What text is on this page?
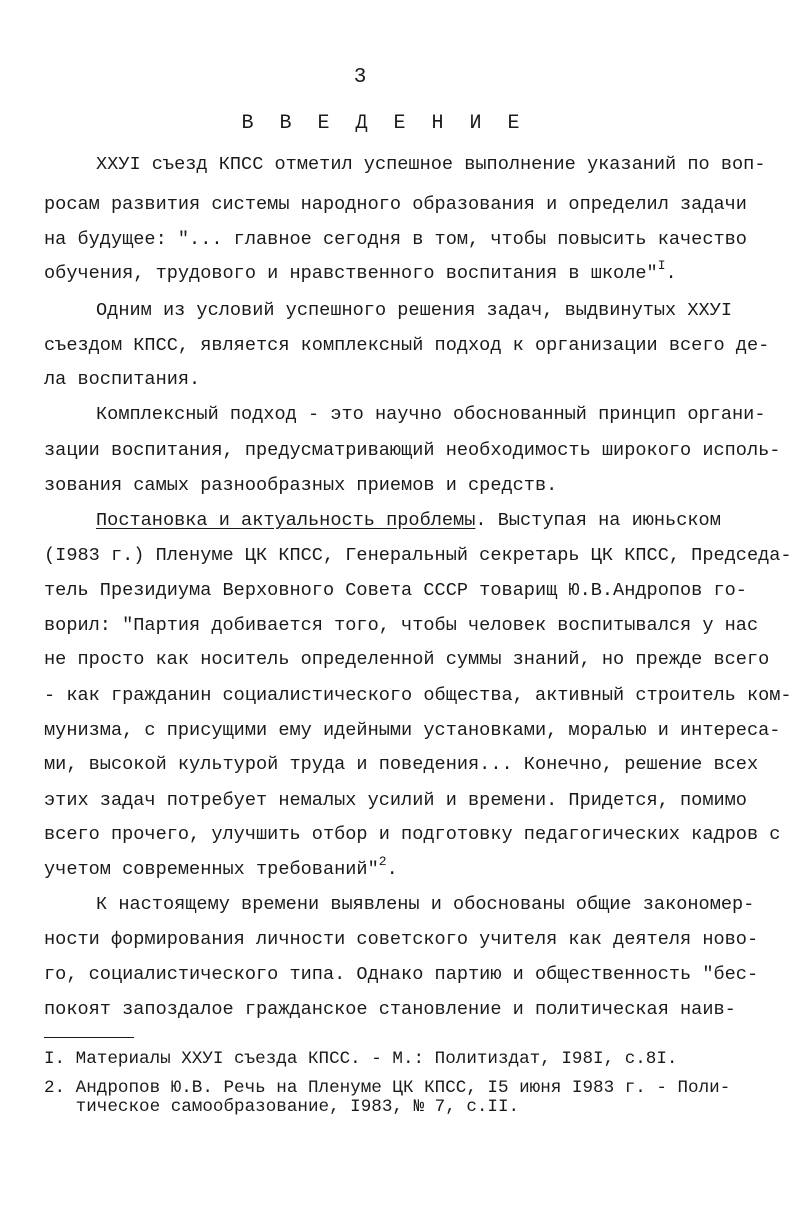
3
В В Е Д Е Н И Е
XXУI съезд КПСС отметил успешное выполнение указаний по воп-
росам развития системы народного образования и определил задачи
на будущее: "... главное сегодня в том, чтобы повысить качество
обучения, трудового и нравственного воспитания в школе"$^I$.
Одним из условий успешного решения задач, выдвинутых XXУI
съездом КПСС, является комплексный подход к организации всего де-
ла воспитания.
Комплексный подход - это научно обоснованный принцип органи-
зации воспитания, предусматривающий необходимость широкого исполь-
зования самых разнообразных приемов и средств.
Постановка и актуальность проблемы. Выступая на июньском
(I983 г.) Пленуме ЦК КПСС, Генеральный секретарь ЦК КПСС, Председа-
тель Президиума Верховного Совета СССР товарищ Ю.В.Андропов го-
ворил: "Партия добивается того, чтобы человек воспитывался у нас
не просто как носитель определенной суммы знаний, но прежде всего
- как гражданин социалистического общества, активный строитель ком-
мунизма, с присущими ему идейными установками, моралью и интереса-
ми, высокой культурой труда и поведения... Конечно, решение всех
этих задач потребует немалых усилий и времени. Придется, помимо
всего прочего, улучшить отбор и подготовку педагогических кадров с
учетом современных требований"$^2$.
К настоящему времени выявлены и обоснованы общие закономер-
ности формирования личности советского учителя как деятеля ново-
го, социалистического типа. Однако партию и общественность "бес-
покоят запоздалое гражданское становление и политическая наив-
I. Материалы XXУI съезда КПСС. - М.: Политиздат, I98I, с.8I.
2. Андропов Ю.В. Речь на Пленуме ЦК КПСС, I5 июня I983 г. - Поли-
тическое самообразование, I983, № 7, с.II.
